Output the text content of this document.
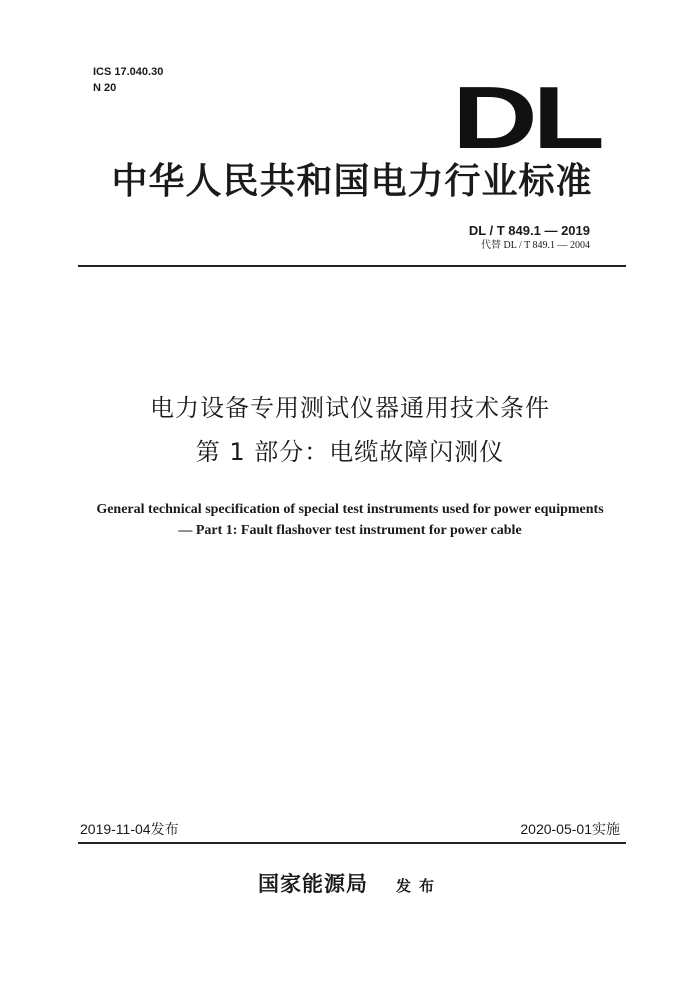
ICS 17.040.30
N 20	DL
中华人民共和国电力行业标准
DL / T 849.1 — 2019
代替 DL / T 849.1 — 2004
电力设备专用测试仪器通用技术条件
第 1 部分：电缆故障闪测仪
General technical specification of special test instruments used for power equipments
— Part 1: Fault flashover test instrument for power cable
2019-11-04发布	2020-05-01实施
国家能源局 发布
